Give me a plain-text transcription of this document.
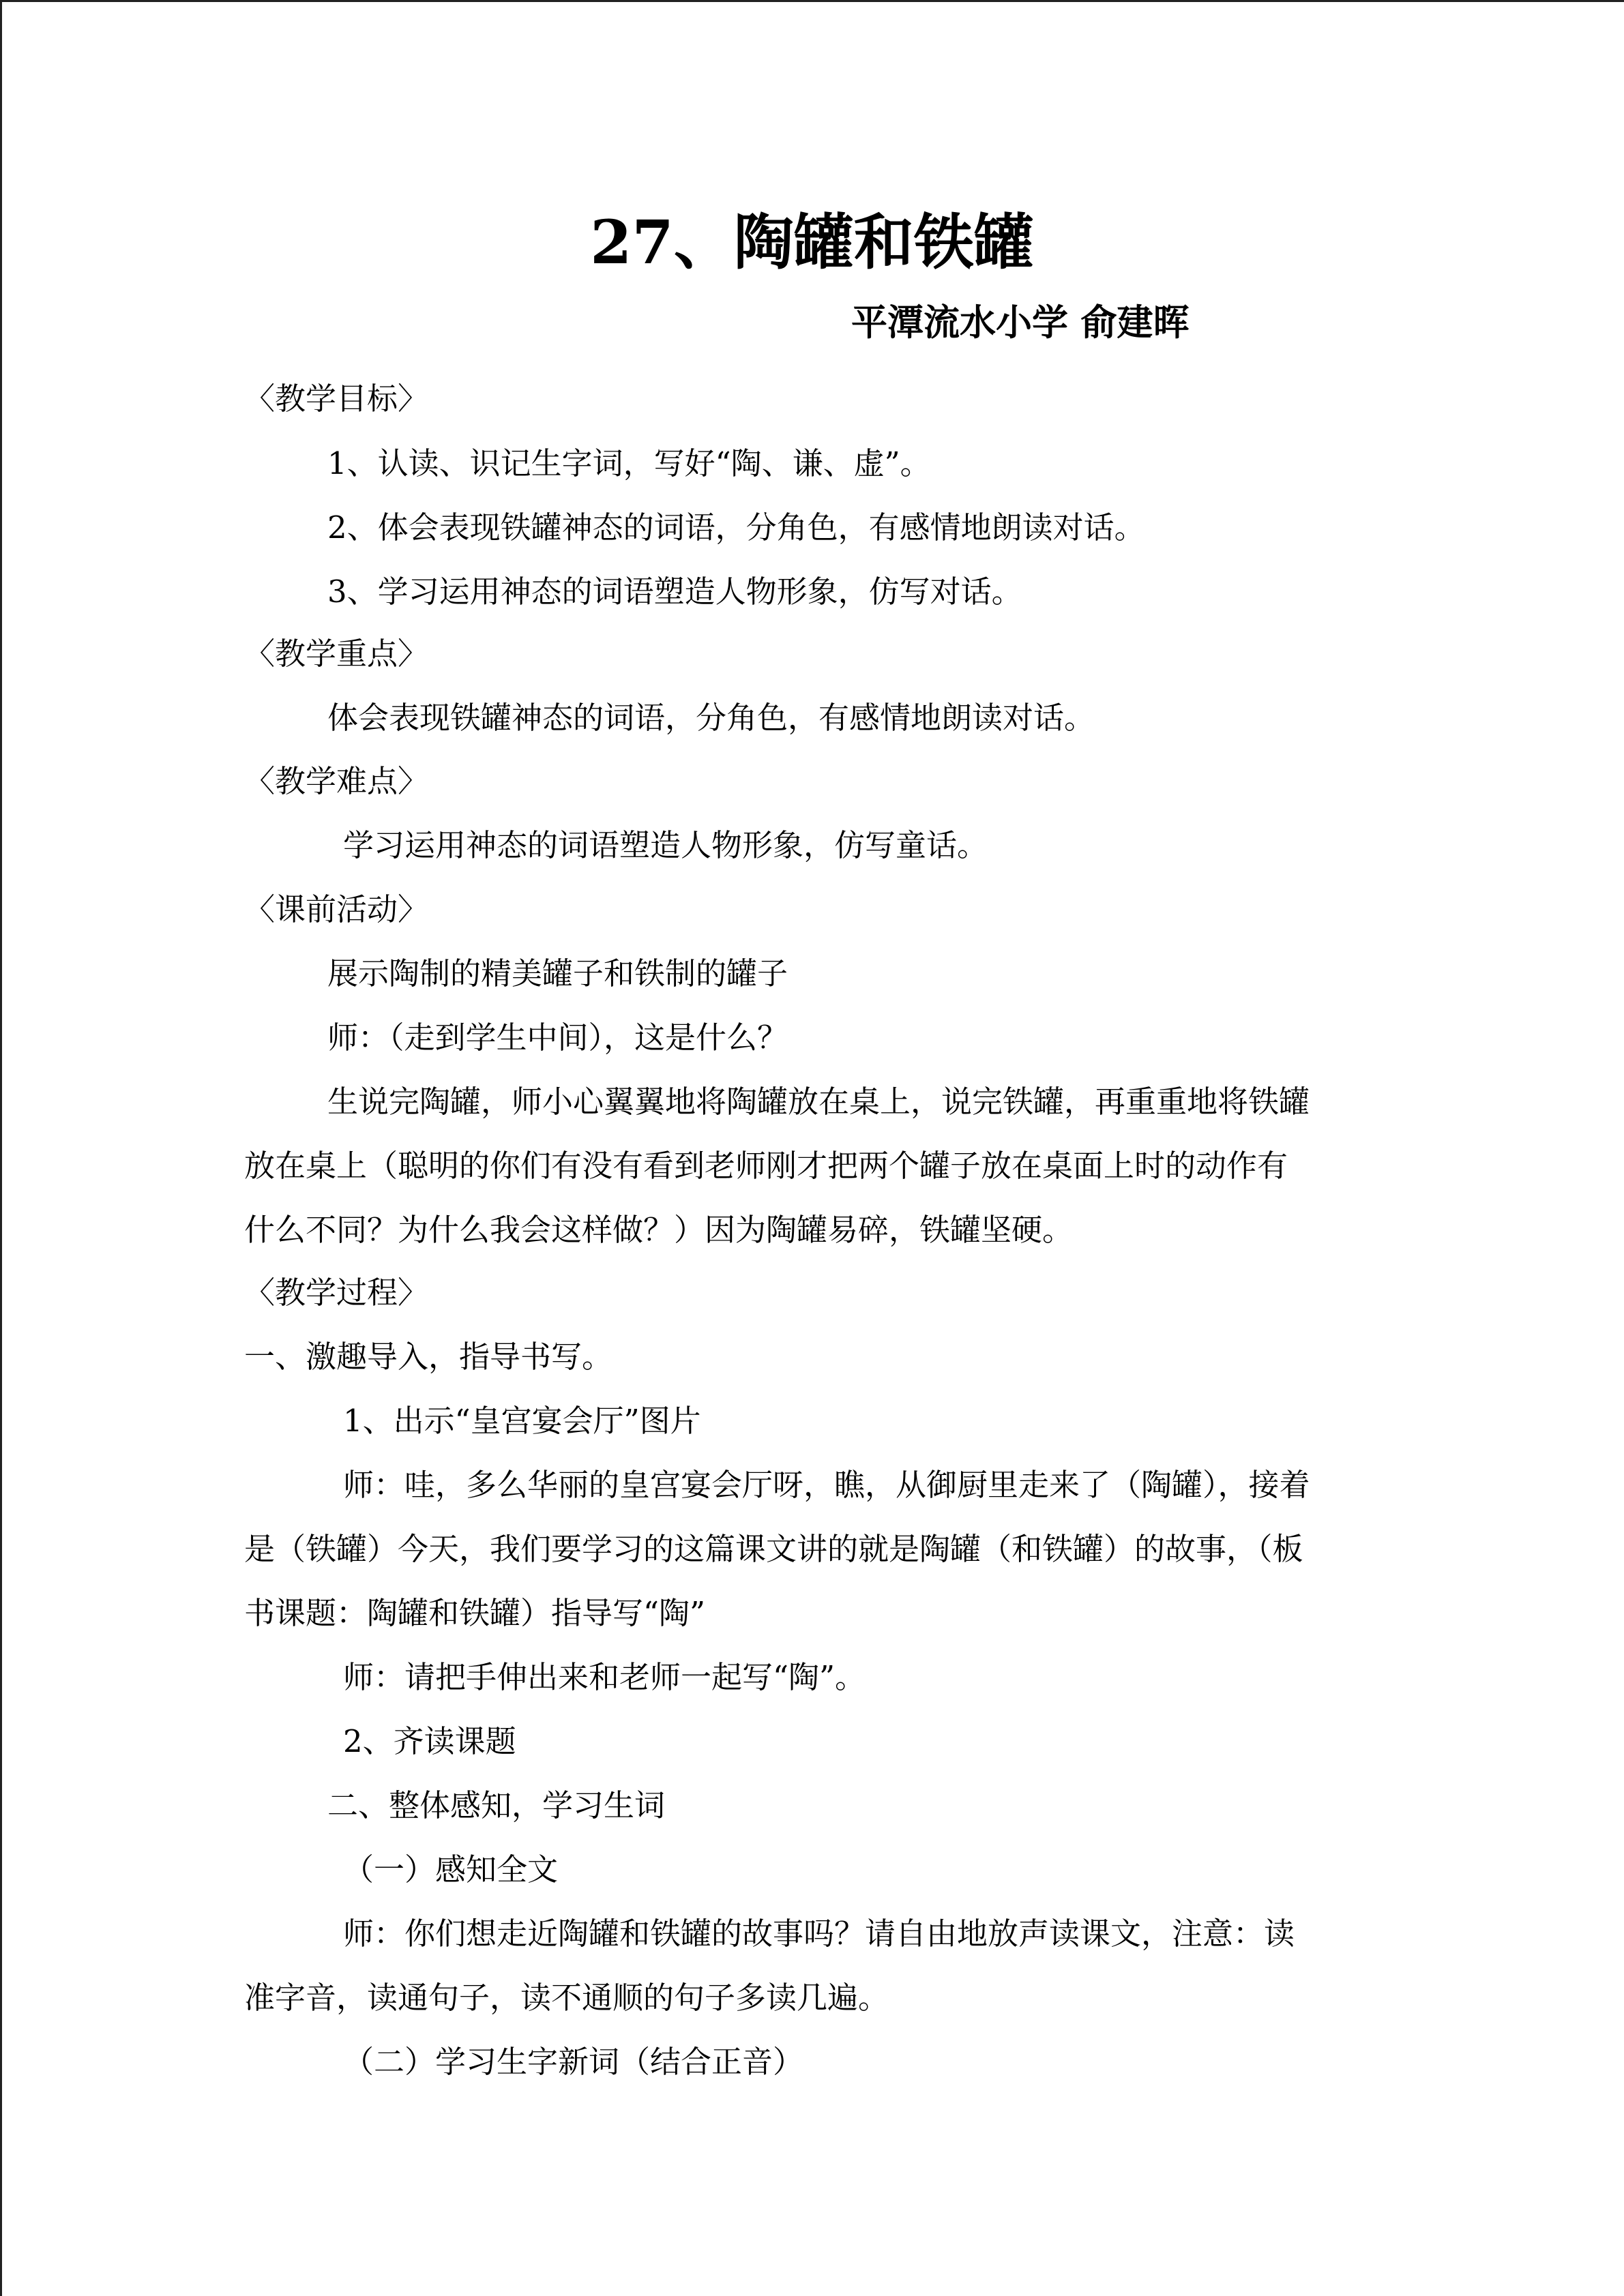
27、陶罐和铁罐
平潭流水小学 俞建晖
〈教学目标〉
1、认读、识记生字词，写好“陶、谦、虚”。
2、体会表现铁罐神态的词语，分角色，有感情地朗读对话。
3、学习运用神态的词语塑造人物形象，仿写对话。
〈教学重点〉
体会表现铁罐神态的词语，分角色，有感情地朗读对话。
〈教学难点〉
学习运用神态的词语塑造人物形象，仿写童话。
〈课前活动〉
展示陶制的精美罐子和铁制的罐子
师：（走到学生中间），这是什么？
生说完陶罐，师小心翼翼地将陶罐放在桌上，说完铁罐，再重重地将铁罐
放在桌上（聪明的你们有没有看到老师刚才把两个罐子放在桌面上时的动作有
什么不同？为什么我会这样做？）因为陶罐易碎，铁罐坚硬。
〈教学过程〉
一、激趣导入，指导书写。
1、出示“皇宫宴会厅”图片
师：哇，多么华丽的皇宫宴会厅呀，瞧，从御厨里走来了（陶罐），接着
是（铁罐）今天，我们要学习的这篇课文讲的就是陶罐（和铁罐）的故事，（板
书课题：陶罐和铁罐）指导写“陶”
师：请把手伸出来和老师一起写“陶”。
2、齐读课题
二、整体感知，学习生词
（一）感知全文
师：你们想走近陶罐和铁罐的故事吗？请自由地放声读课文，注意：读
准字音，读通句子，读不通顺的句子多读几遍。
（二）学习生字新词（结合正音）
